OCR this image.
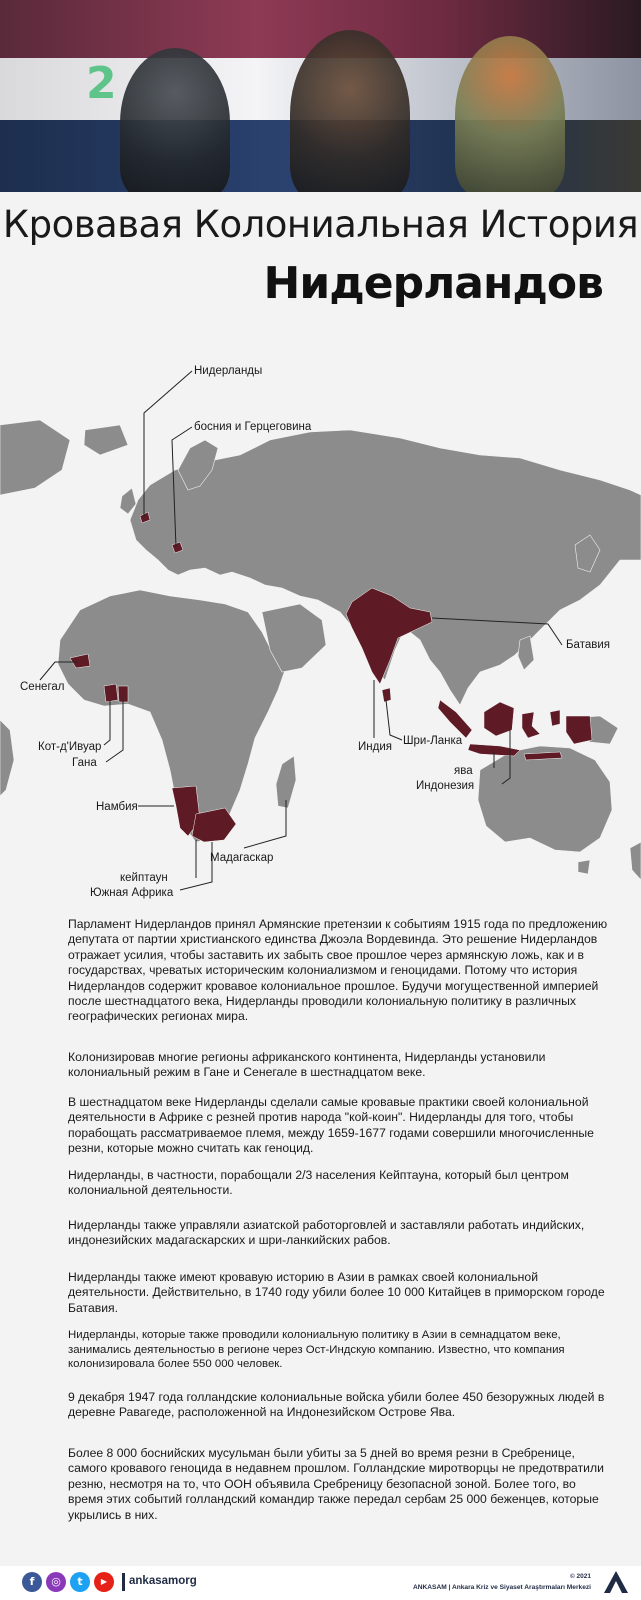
2
Кровавая Колониальная История
Нидерландов
Нидерланды
босния и Герцеговина
Батавия
Сенегал
Кот-д'Ивуар
Гана
Индия Шри-Ланка
ява
Индонезия
Намбия
Мадагаскар
кейптаун
Южная Африка

Парламент Нидерландов принял Армянские претензии к событиям 1915 года по предложению депутата от партии христианского единства Джоэла Вордевинда. Это решение Нидерландов отражает усилия, чтобы заставить их забыть свое прошлое через армянскую ложь, как и в государствах, чреватых историческим колониализмом и геноцидами. Потому что история Нидерландов содержит кровавое колониальное прошлое. Будучи могущественной империей после шестнадцатого века, Нидерланды проводили колониальную политику в различных географических регионах мира.

Колонизировав многие регионы африканского континента, Нидерланды установили колониальный режим в Гане и Сенегале в шестнадцатом веке.

В шестнадцатом веке Нидерланды сделали самые кровавые практики своей колониальной деятельности в Африке с резней против народа "кой-коин". Нидерланды для того, чтобы порабощать рассматриваемое племя, между 1659-1677 годами совершили многочисленные резни, которые можно считать как геноцид.

Нидерланды, в частности, порабощали 2/3 населения Кейптауна, который был центром колониальной деятельности.

Нидерланды также управляли азиатской работорговлей и заставляли работать индийских, индонезийских мадагаскарских и шри-ланкийских рабов.

Нидерланды также имеют кровавую историю в Азии в рамках своей колониальной деятельности. Действительно, в 1740 году убили более 10 000 Китайцев в приморском городе Батавия.

Нидерланды, которые также проводили колониальную политику в Азии в семнадцатом веке, занимались деятельностью в регионе через Ост-Индскую компанию. Известно, что компания колонизировала более 550 000 человек.

9 декабря 1947 года голландские колониальные войска убили более 450 безоружных людей в деревне Равагеде, расположенной на Индонезийском Острове Ява.

Более 8 000 боснийских мусульман были убиты за 5 дней во время резни в Сребренице, самого кровавого геноцида в недавнем прошлом. Голландские миротворцы не предотвратили резню, несмотря на то, что ООН объявила Сребреницу безопасной зоной. Более того, во время этих событий голландский командир также передал сербам 25 000 беженцев, которые укрылись в них.

f	◎	t	▶	ankasamorg	© 2021
ANKASAM | Ankara Kriz ve Siyaset Araştırmaları Merkezi
